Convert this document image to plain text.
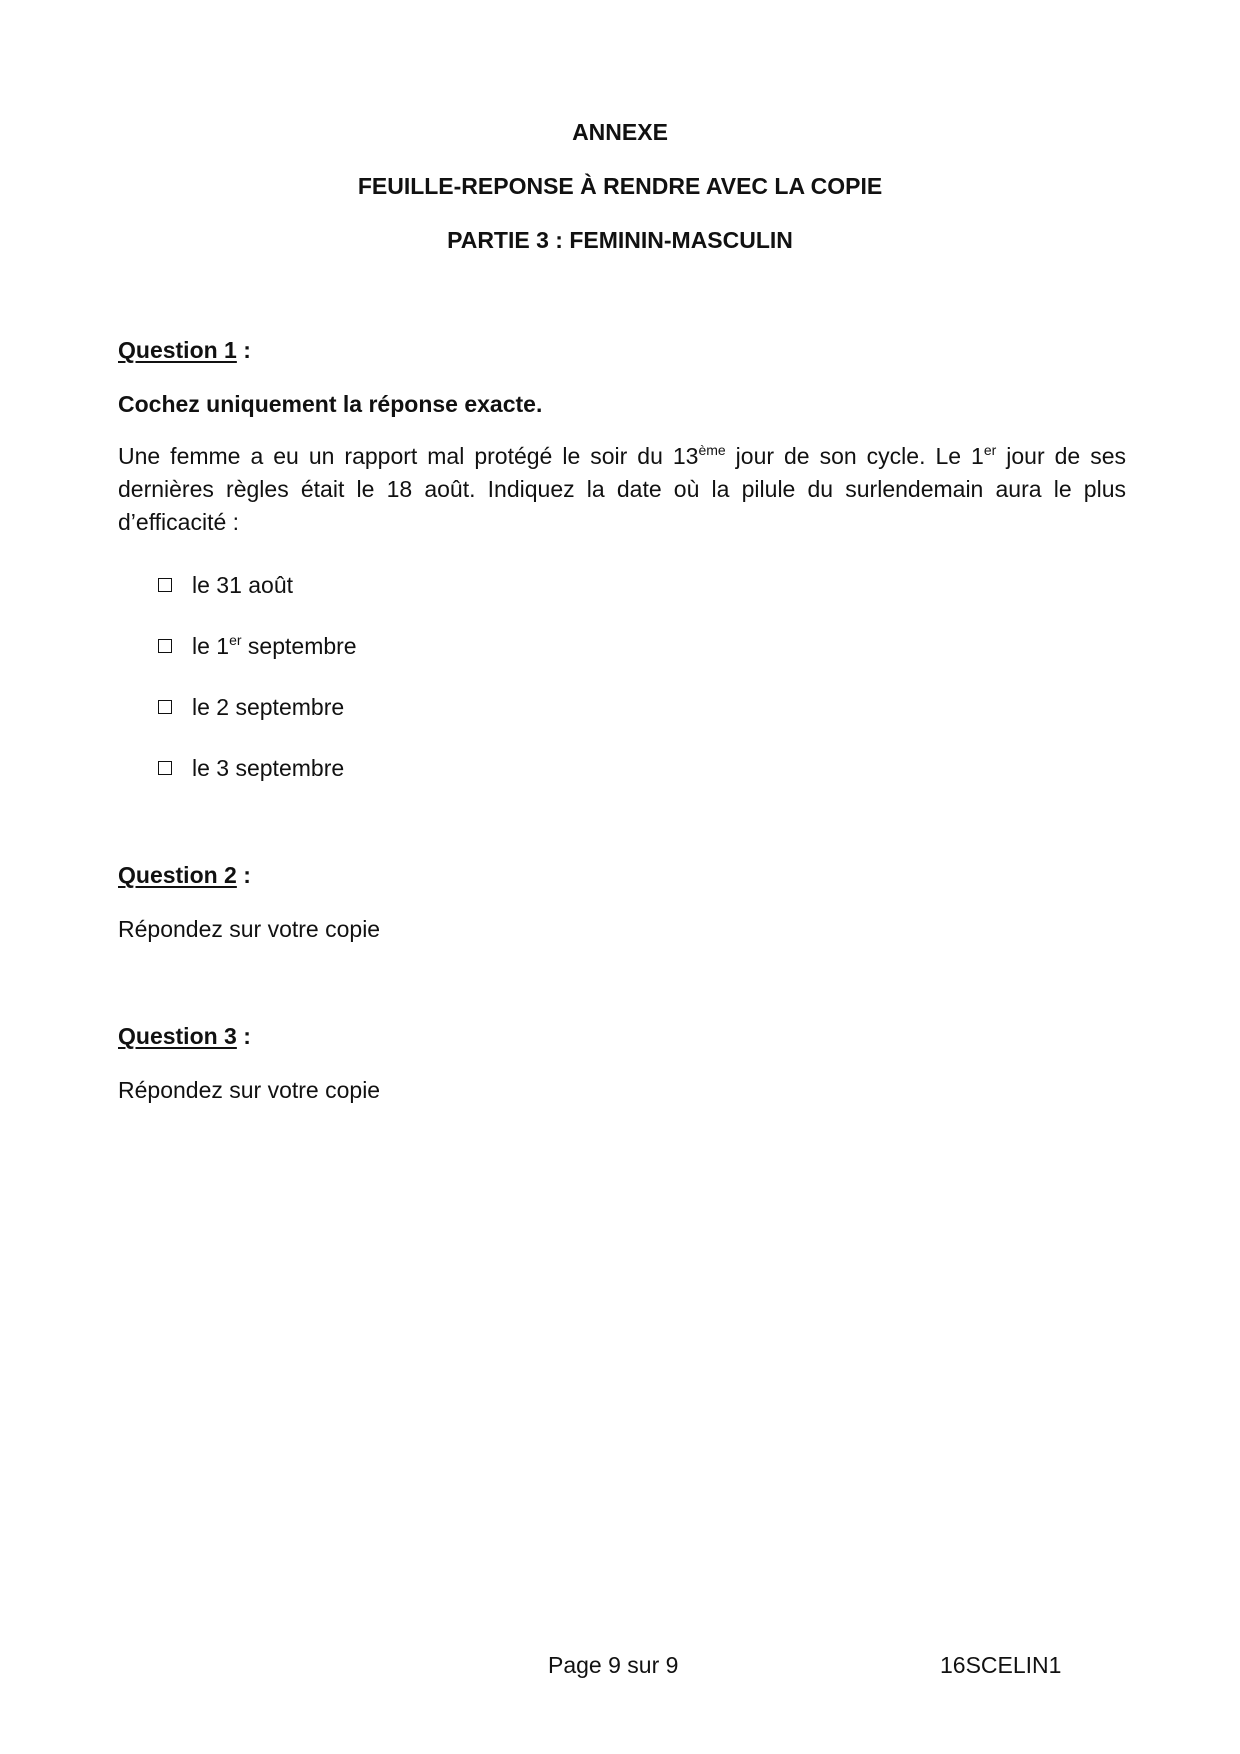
ANNEXE
FEUILLE-REPONSE À RENDRE AVEC LA COPIE
PARTIE 3 : FEMININ-MASCULIN
Question 1 :
Cochez uniquement la réponse exacte.
Une femme a eu un rapport mal protégé le soir du 13ème jour de son cycle. Le 1er jour de ses dernières règles était le 18 août. Indiquez la date où la pilule du surlendemain aura le plus d’efficacité :
le 31 août
le 1er septembre
le 2 septembre
le 3 septembre
Question 2 :
Répondez sur votre copie
Question 3 :
Répondez sur votre copie
Page 9 sur 9	16SCELIN1
